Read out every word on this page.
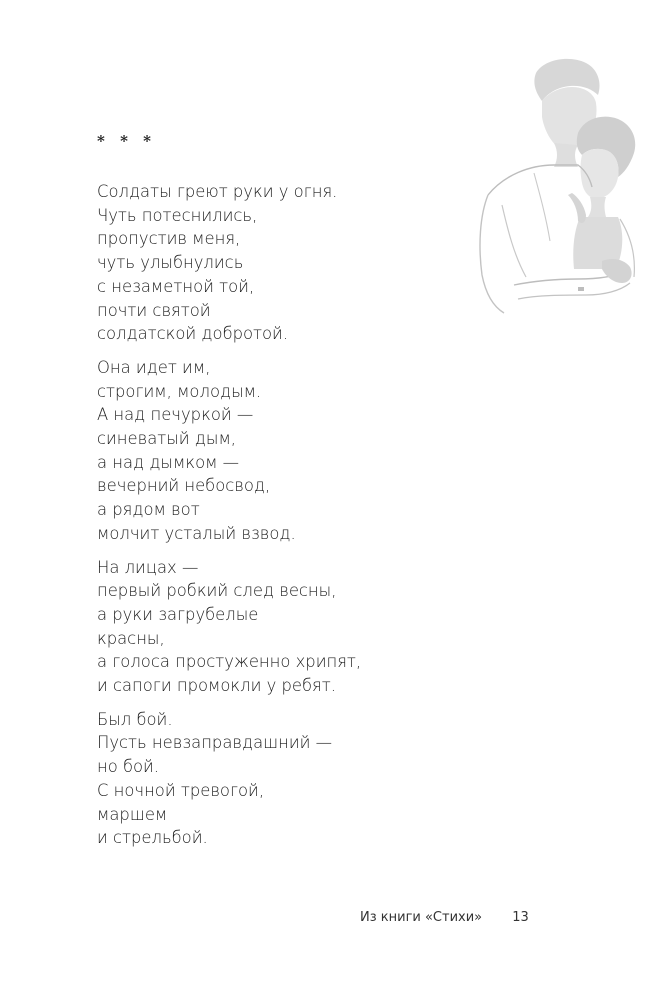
* * *
Солдаты греют руки у огня.
Чуть потеснились,
пропустив меня,
чуть улыбнулись
с незаметной той,
почти святой
солдатской добротой.
Она идет им,
строгим, молодым.
А над печуркой —
синеватый дым,
а над дымком —
вечерний небосвод,
а рядом вот
молчит усталый взвод.
На лицах —
первый робкий след весны,
а руки загрубелые
красны,
а голоса простуженно хрипят,
и сапоги промокли у ребят.
Был бой.
Пусть невзаправдашний —
но бой.
С ночной тревогой,
маршем
и стрельбой.
Из книги «Стихи» 13
